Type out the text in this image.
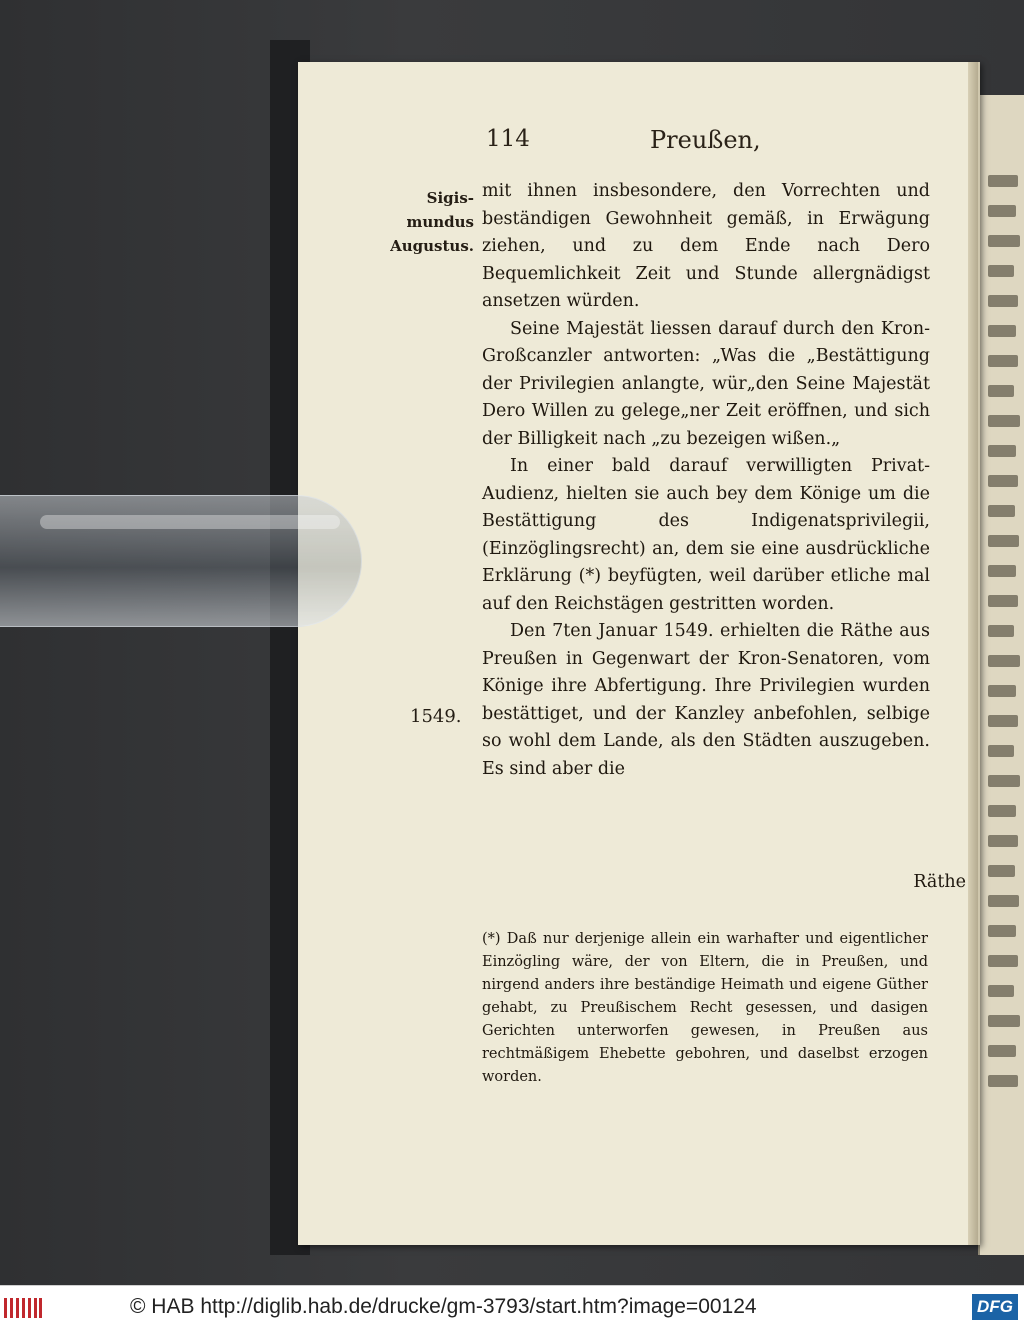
114	Preußen,
Sigis-
mundus
Augustus.

mit ihnen insbesondere, den Vorrechten und beständigen Gewohnheit gemäß, in Erwägung ziehen, und zu dem Ende nach Dero Bequemlichkeit Zeit und Stunde allergnädigst ansetzen würden.

Seine Majestät liessen darauf durch den Kron-Großcanzler antworten: „Was die „Bestättigung der Privilegien anlangte, wür„den Seine Majestät Dero Willen zu gelege„ner Zeit eröffnen, und sich der Billigkeit nach „zu bezeigen wißen.„

In einer bald darauf verwilligten Privat-Audienz, hielten sie auch bey dem Könige um die Bestättigung des Indigenatsprivilegii, (Einzöglingsrecht) an, dem sie eine ausdrückliche Erklärung (*) beyfügten, weil darüber etliche mal auf den Reichstägen gestritten worden.

Den 7ten Januar 1549. erhielten die Räthe aus Preußen in Gegenwart der Kron-Senatoren, vom Könige ihre Abfertigung. Ihre Privilegien wurden bestättiget, und der Kanzley anbefohlen, selbige so wohl dem Lande, als den Städten auszugeben. Es sind aber die

1549.
Räthe
(*) Daß nur derjenige allein ein warhafter und eigentlicher Einzögling wäre, der von Eltern, die in Preußen, und nirgend anders ihre beständige Heimath und eigene Güther gehabt, zu Preußischem Recht gesessen, und dasigen Gerichten unterworfen gewesen, in Preußen aus rechtmäßigem Ehebette gebohren, und daselbst erzogen worden.
© HAB http://diglib.hab.de/drucke/gm-3793/start.htm?image=00124	DFG
